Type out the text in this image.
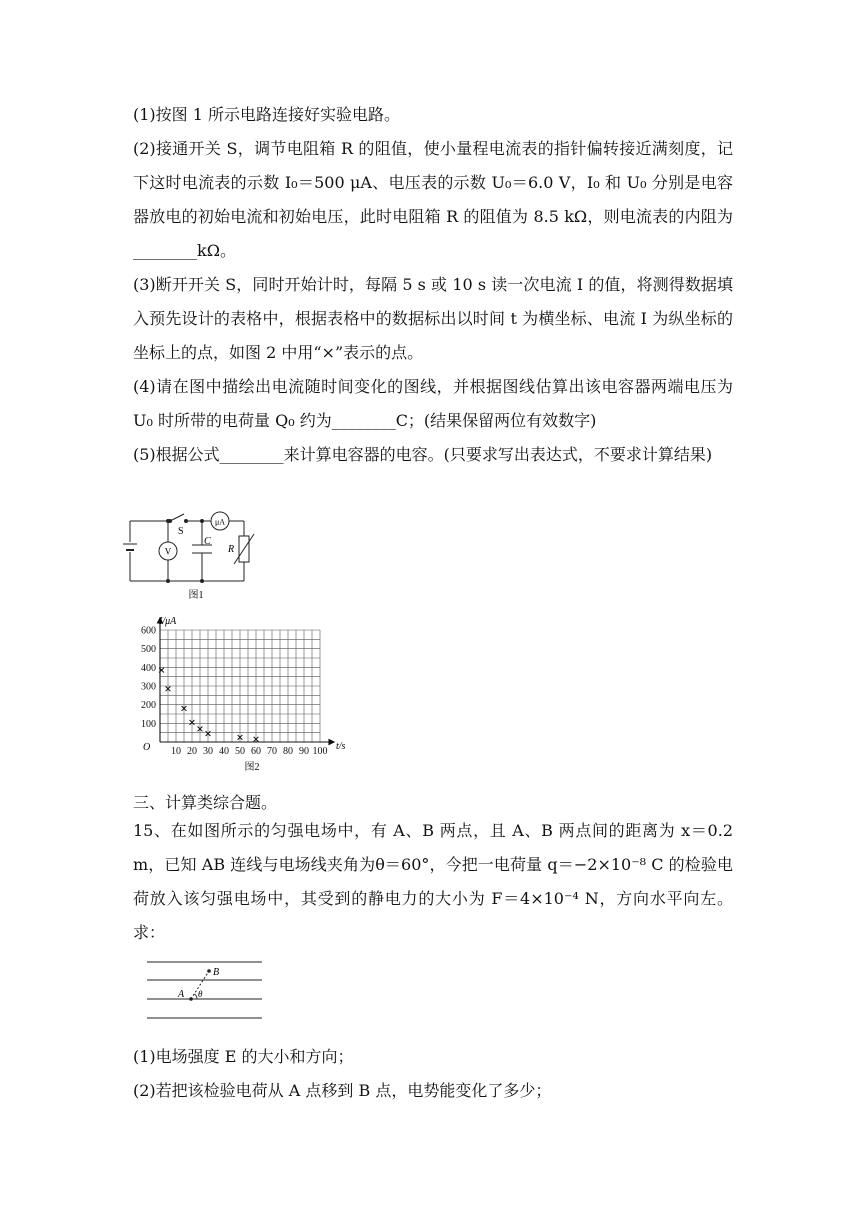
(1)按图 1 所示电路连接好实验电路。
(2)接通开关 S，调节电阻箱 R 的阻值，使小量程电流表的指针偏转接近满刻度，记下这时电流表的示数 I₀＝500 μA、电压表的示数 U₀＝6.0 V，I₀ 和 U₀ 分别是电容器放电的初始电流和初始电压，此时电阻箱 R 的阻值为 8.5 kΩ，则电流表的内阻为________kΩ。
(3)断开开关 S，同时开始计时，每隔 5 s 或 10 s 读一次电流 I 的值，将测得数据填入预先设计的表格中，根据表格中的数据标出以时间 t 为横坐标、电流 I 为纵坐标的坐标上的点，如图 2 中用“×”表示的点。
(4)请在图中描绘出电流随时间变化的图线，并根据图线估算出该电容器两端电压为 U₀ 时所带的电荷量 Q₀ 约为________C；(结果保留两位有效数字)
(5)根据公式________来计算电容器的电容。(只要求写出表达式，不要求计算结果)
S
μA
V
C
R
图1
10 20 30 40 50 60 70 80 90 100
100
200
300
400
500
600
I/μA
t/s
O
图2
三、计算类综合题。
15、在如图所示的匀强电场中，有 A、B 两点，且 A、B 两点间的距离为 x＝0.2 m，已知 AB 连线与电场线夹角为θ＝60°，今把一电荷量 q＝−2×10⁻⁸ C 的检验电荷放入该匀强电场中，其受到的静电力的大小为 F＝4×10⁻⁴ N，方向水平向左。求：
A
B
θ
(1)电场强度 E 的大小和方向；
(2)若把该检验电荷从 A 点移到 B 点，电势能变化了多少；
